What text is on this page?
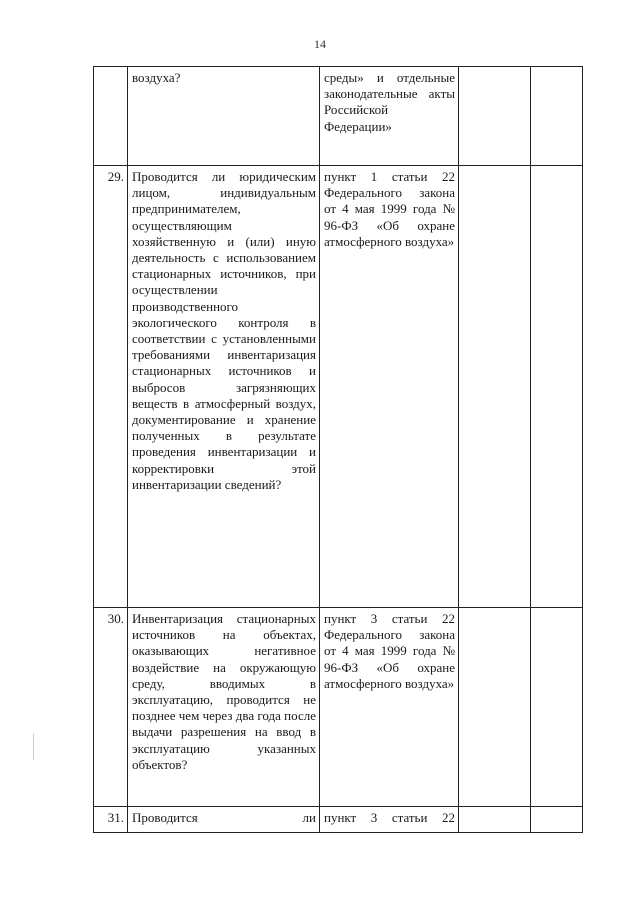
14
	воздуха?	среды» и отдельные законодательные акты Российской Федерации»		
29.	Проводится ли юридическим лицом, индивидуальным предпринимателем, осуществляющим хозяйственную и (или) иную деятельность с использованием стационарных источников, при осуществлении производственного экологического контроля в соответствии с установленными требованиями инвентаризация стационарных источников и выбросов загрязняющих веществ в атмосферный воздух, документирование и хранение полученных в результате проведения инвентаризации и корректировки этой инвентаризации сведений?	пункт 1 статьи 22 Федерального закона от 4 мая 1999 года № 96-ФЗ «Об охране атмосферного воздуха»		
30.	Инвентаризация стационарных источников на объектах, оказывающих негативное воздействие на окружающую среду, вводимых в эксплуатацию, проводится не позднее чем через два года после выдачи разрешения на ввод в эксплуатацию указанных объектов?	пункт 3 статьи 22 Федерального закона от 4 мая 1999 года № 96-ФЗ «Об охране атмосферного воздуха»		
31.	Проводится ли	пункт 3 статьи 22		
